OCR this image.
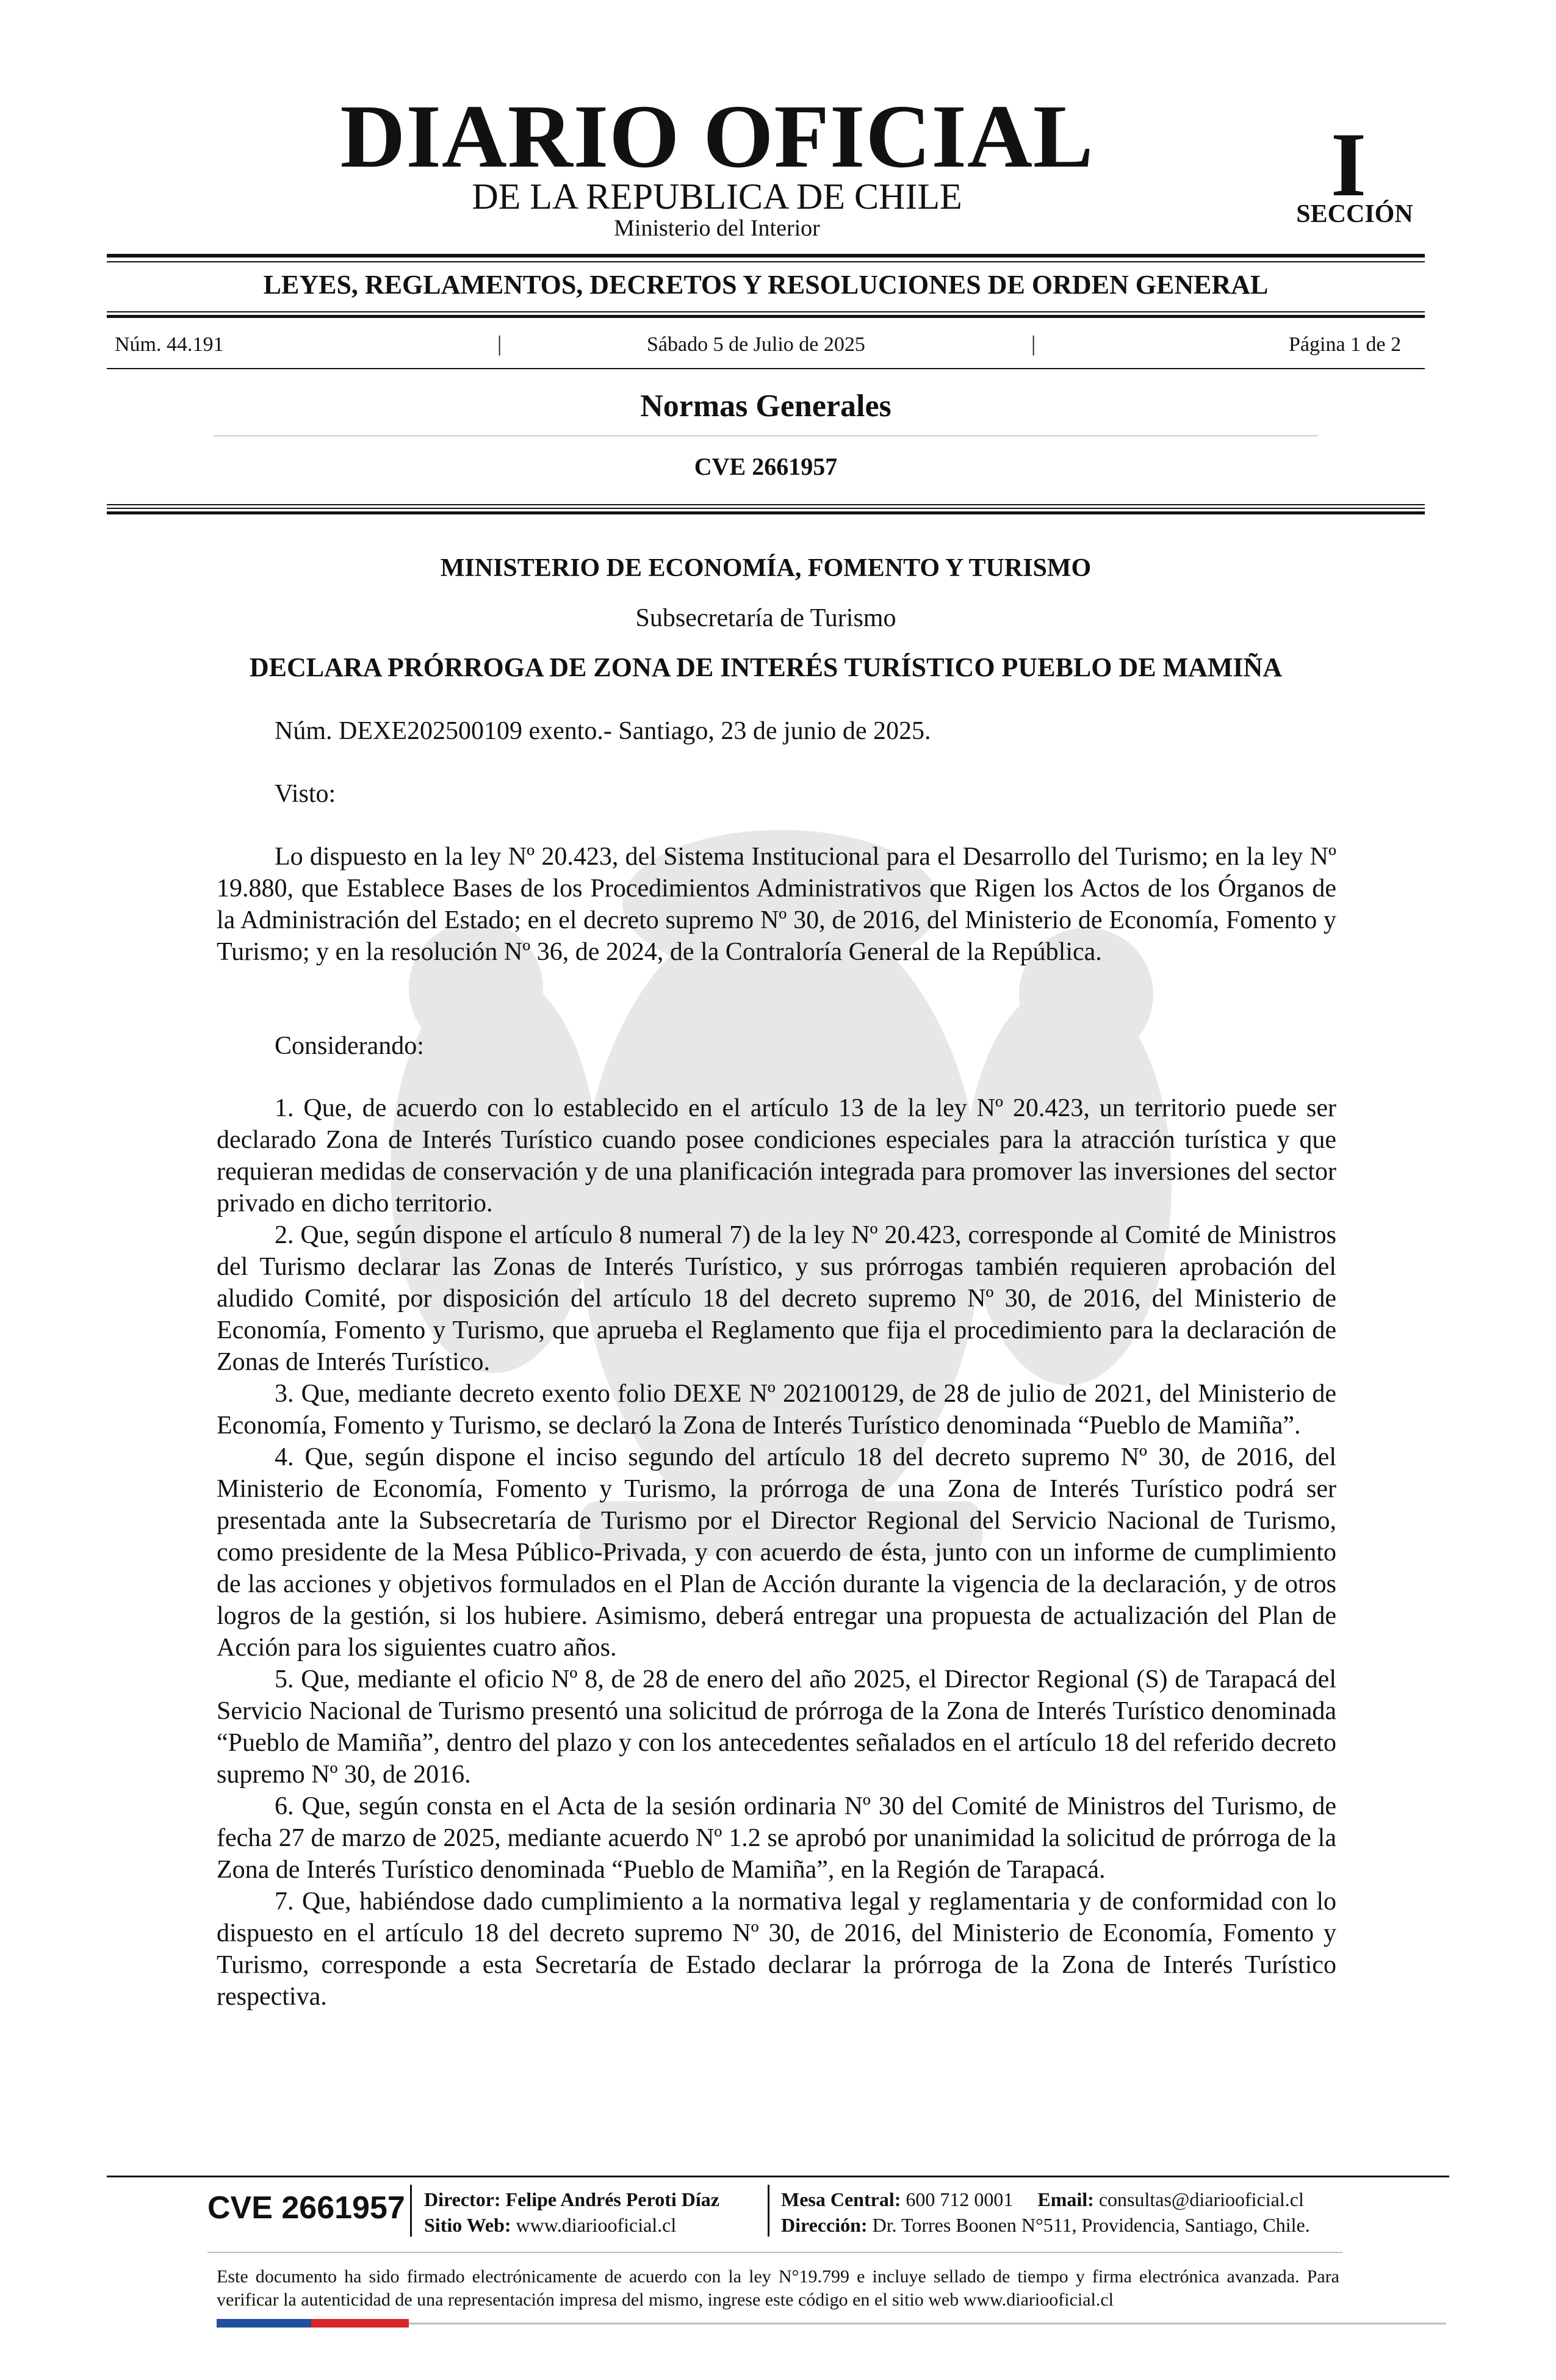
DIARIO OFICIAL
DE LA REPUBLICA DE CHILE
Ministerio del Interior
I
SECCIÓN
LEYES, REGLAMENTOS, DECRETOS Y RESOLUCIONES DE ORDEN GENERAL
Núm. 44.191	|	Sábado 5 de Julio de 2025	|	Página 1 de 2
Normas Generales
CVE 2661957
MINISTERIO DE ECONOMÍA, FOMENTO Y TURISMO
Subsecretaría de Turismo
DECLARA PRÓRROGA DE ZONA DE INTERÉS TURÍSTICO PUEBLO DE MAMIÑA
Núm. DEXE202500109 exento.- Santiago, 23 de junio de 2025.
Visto:
Lo dispuesto en la ley Nº 20.423, del Sistema Institucional para el Desarrollo del Turismo; en la ley Nº 19.880, que Establece Bases de los Procedimientos Administrativos que Rigen los Actos de los Órganos de la Administración del Estado; en el decreto supremo Nº 30, de 2016, del Ministerio de Economía, Fomento y Turismo; y en la resolución Nº 36, de 2024, de la Contraloría General de la República.
Considerando:

1. Que, de acuerdo con lo establecido en el artículo 13 de la ley Nº 20.423, un territorio puede ser declarado Zona de Interés Turístico cuando posee condiciones especiales para la atracción turística y que requieran medidas de conservación y de una planificación integrada para promover las inversiones del sector privado en dicho territorio.

2. Que, según dispone el artículo 8 numeral 7) de la ley Nº 20.423, corresponde al Comité de Ministros del Turismo declarar las Zonas de Interés Turístico, y sus prórrogas también requieren aprobación del aludido Comité, por disposición del artículo 18 del decreto supremo Nº 30, de 2016, del Ministerio de Economía, Fomento y Turismo, que aprueba el Reglamento que fija el procedimiento para la declaración de Zonas de Interés Turístico.

3. Que, mediante decreto exento folio DEXE Nº 202100129, de 28 de julio de 2021, del Ministerio de Economía, Fomento y Turismo, se declaró la Zona de Interés Turístico denominada “Pueblo de Mamiña”.

4. Que, según dispone el inciso segundo del artículo 18 del decreto supremo Nº 30, de 2016, del Ministerio de Economía, Fomento y Turismo, la prórroga de una Zona de Interés Turístico podrá ser presentada ante la Subsecretaría de Turismo por el Director Regional del Servicio Nacional de Turismo, como presidente de la Mesa Público-Privada, y con acuerdo de ésta, junto con un informe de cumplimiento de las acciones y objetivos formulados en el Plan de Acción durante la vigencia de la declaración, y de otros logros de la gestión, si los hubiere. Asimismo, deberá entregar una propuesta de actualización del Plan de Acción para los siguientes cuatro años.

5. Que, mediante el oficio Nº 8, de 28 de enero del año 2025, el Director Regional (S) de Tarapacá del Servicio Nacional de Turismo presentó una solicitud de prórroga de la Zona de Interés Turístico denominada “Pueblo de Mamiña”, dentro del plazo y con los antecedentes señalados en el artículo 18 del referido decreto supremo Nº 30, de 2016.

6. Que, según consta en el Acta de la sesión ordinaria Nº 30 del Comité de Ministros del Turismo, de fecha 27 de marzo de 2025, mediante acuerdo Nº 1.2 se aprobó por unanimidad la solicitud de prórroga de la Zona de Interés Turístico denominada “Pueblo de Mamiña”, en la Región de Tarapacá.

7. Que, habiéndose dado cumplimiento a la normativa legal y reglamentaria y de conformidad con lo dispuesto en el artículo 18 del decreto supremo Nº 30, de 2016, del Ministerio de Economía, Fomento y Turismo, corresponde a esta Secretaría de Estado declarar la prórroga de la Zona de Interés Turístico respectiva.

CVE 2661957 Director: Felipe Andrés Peroti Díaz
Sitio Web: www.diariooficial.cl
Mesa Central: 600 712 0001 Email: consultas@diariooficial.cl
Dirección: Dr. Torres Boonen N°511, Providencia, Santiago, Chile.
Este documento ha sido firmado electrónicamente de acuerdo con la ley N°19.799 e incluye sellado de tiempo y firma electrónica avanzada. Para verificar la autenticidad de una representación impresa del mismo, ingrese este código en el sitio web www.diariooficial.cl
